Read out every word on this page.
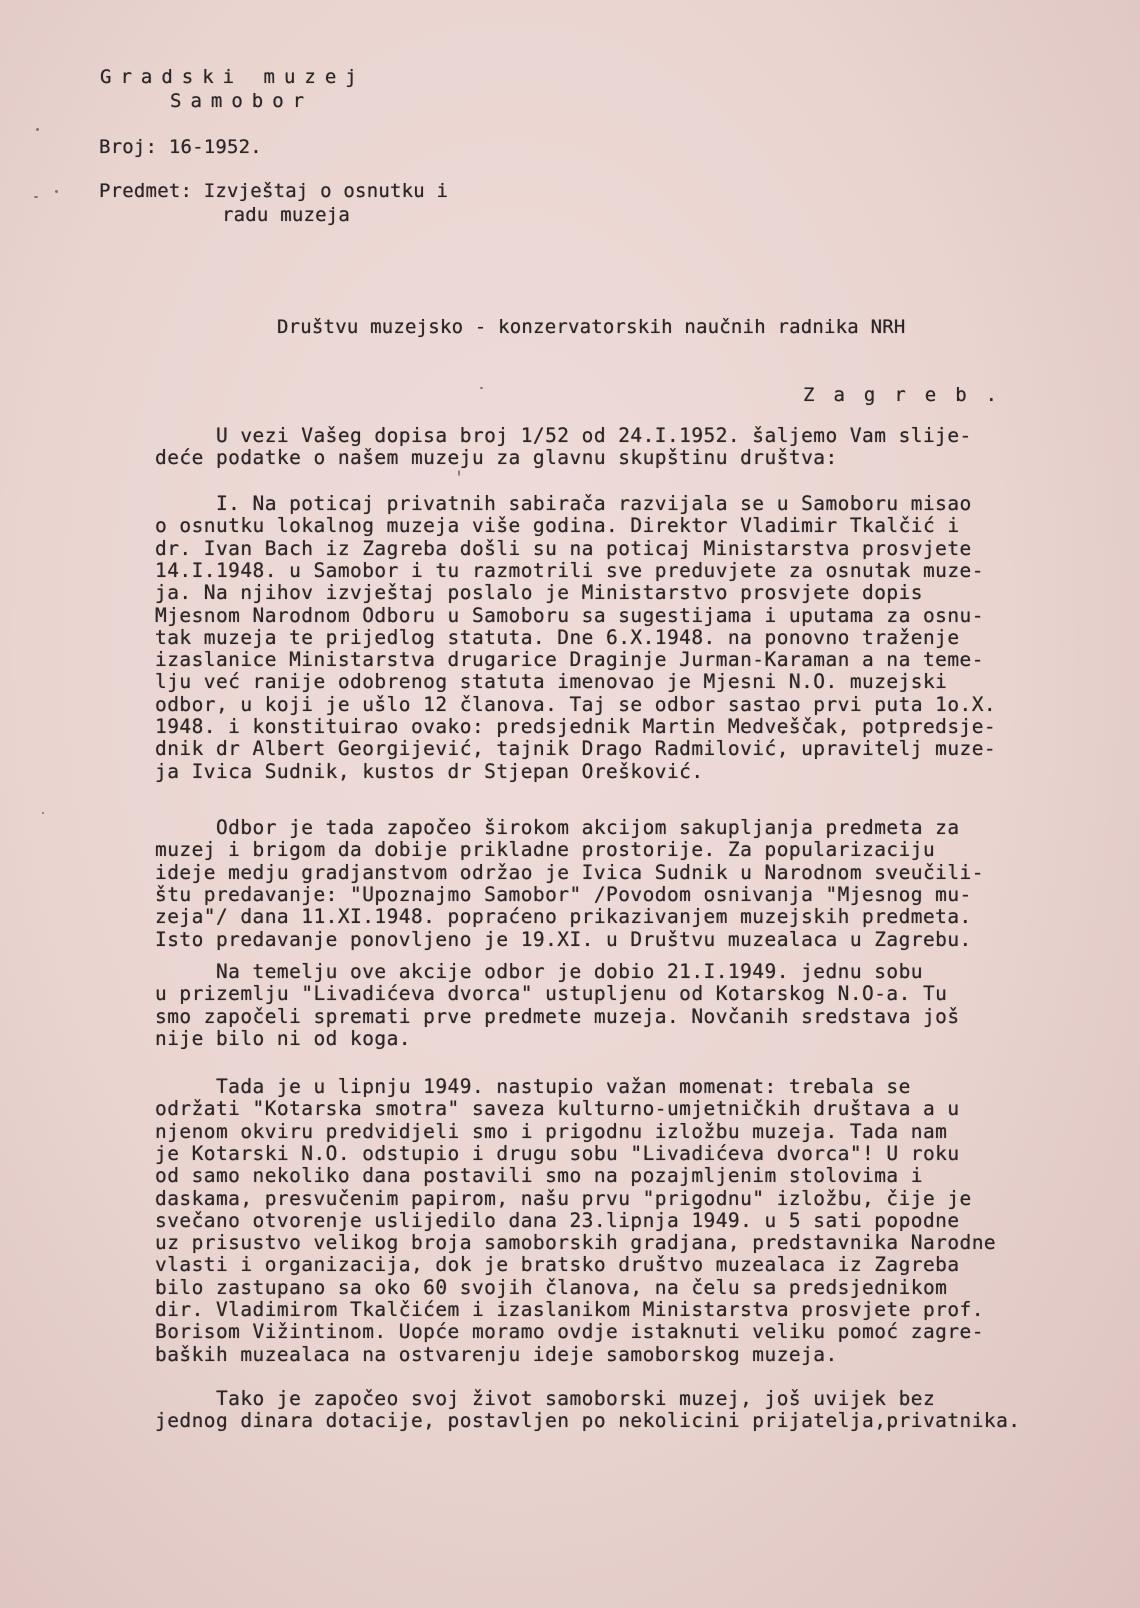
Gradski muzej
Samobor
Broj: 16-1952.
Predmet: Izvještaj o osnutku i
radu muzeja
Društvu muzejsko - konzervatorskih naučnih radnika NRH
Zagreb.
U vezi Vašeg dopisa broj 1/52 od 24.I.1952. šaljemo Vam slije-
deće podatke o našem muzeju za glavnu skupštinu društva:
I. Na poticaj privatnih sabirača razvijala se u Samoboru misao
o osnutku lokalnog muzeja više godina. Direktor Vladimir Tkalčić i
dr. Ivan Bach iz Zagreba došli su na poticaj Ministarstva prosvjete
14.I.1948. u Samobor i tu razmotrili sve preduvjete za osnutak muze-
ja. Na njihov izvještaj poslalo je Ministarstvo prosvjete dopis
Mjesnom Narodnom Odboru u Samoboru sa sugestijama i uputama za osnu-
tak muzeja te prijedlog statuta. Dne 6.X.1948. na ponovno traženje
izaslanice Ministarstva drugarice Draginje Jurman-Karaman a na teme-
lju već ranije odobrenog statuta imenovao je Mjesni N.O. muzejski
odbor, u koji je ušlo 12 članova. Taj se odbor sastao prvi puta 1o.X.
1948. i konstituirao ovako: predsjednik Martin Medveščak, potpredsje-
dnik dr Albert Georgijević, tajnik Drago Radmilović, upravitelj muze-
ja Ivica Sudnik, kustos dr Stjepan Orešković.
Odbor je tada započeo širokom akcijom sakupljanja predmeta za
muzej i brigom da dobije prikladne prostorije. Za popularizaciju
ideje medju gradjanstvom održao je Ivica Sudnik u Narodnom sveučili-
štu predavanje: "Upoznajmo Samobor" /Povodom osnivanja "Mjesnog mu-
zeja"/ dana 11.XI.1948. popraćeno prikazivanjem muzejskih predmeta.
Isto predavanje ponovljeno je 19.XI. u Društvu muzealaca u Zagrebu.
Na temelju ove akcije odbor je dobio 21.I.1949. jednu sobu
u prizemlju "Livadićeva dvorca" ustupljenu od Kotarskog N.O-a. Tu
smo započeli spremati prve predmete muzeja. Novčanih sredstava još
nije bilo ni od koga.
Tada je u lipnju 1949. nastupio važan momenat: trebala se
održati "Kotarska smotra" saveza kulturno-umjetničkih društava a u
njenom okviru predvidjeli smo i prigodnu izložbu muzeja. Tada nam
je Kotarski N.O. odstupio i drugu sobu "Livadićeva dvorca"! U roku
od samo nekoliko dana postavili smo na pozajmljenim stolovima i
daskama, presvučenim papirom, našu prvu "prigodnu" izložbu, čije je
svečano otvorenje uslijedilo dana 23.lipnja 1949. u 5 sati popodne
uz prisustvo velikog broja samoborskih gradjana, predstavnika Narodne
vlasti i organizacija, dok je bratsko društvo muzealaca iz Zagreba
bilo zastupano sa oko 60 svojih članova, na čelu sa predsjednikom
dir. Vladimirom Tkalčićem i izaslanikom Ministarstva prosvjete prof.
Borisom Vižintinom. Uopće moramo ovdje istaknuti veliku pomoć zagre-
baških muzealaca na ostvarenju ideje samoborskog muzeja.
Tako je započeo svoj život samoborski muzej, još uvijek bez
jednog dinara dotacije, postavljen po nekolicini prijatelja,privatnika.
